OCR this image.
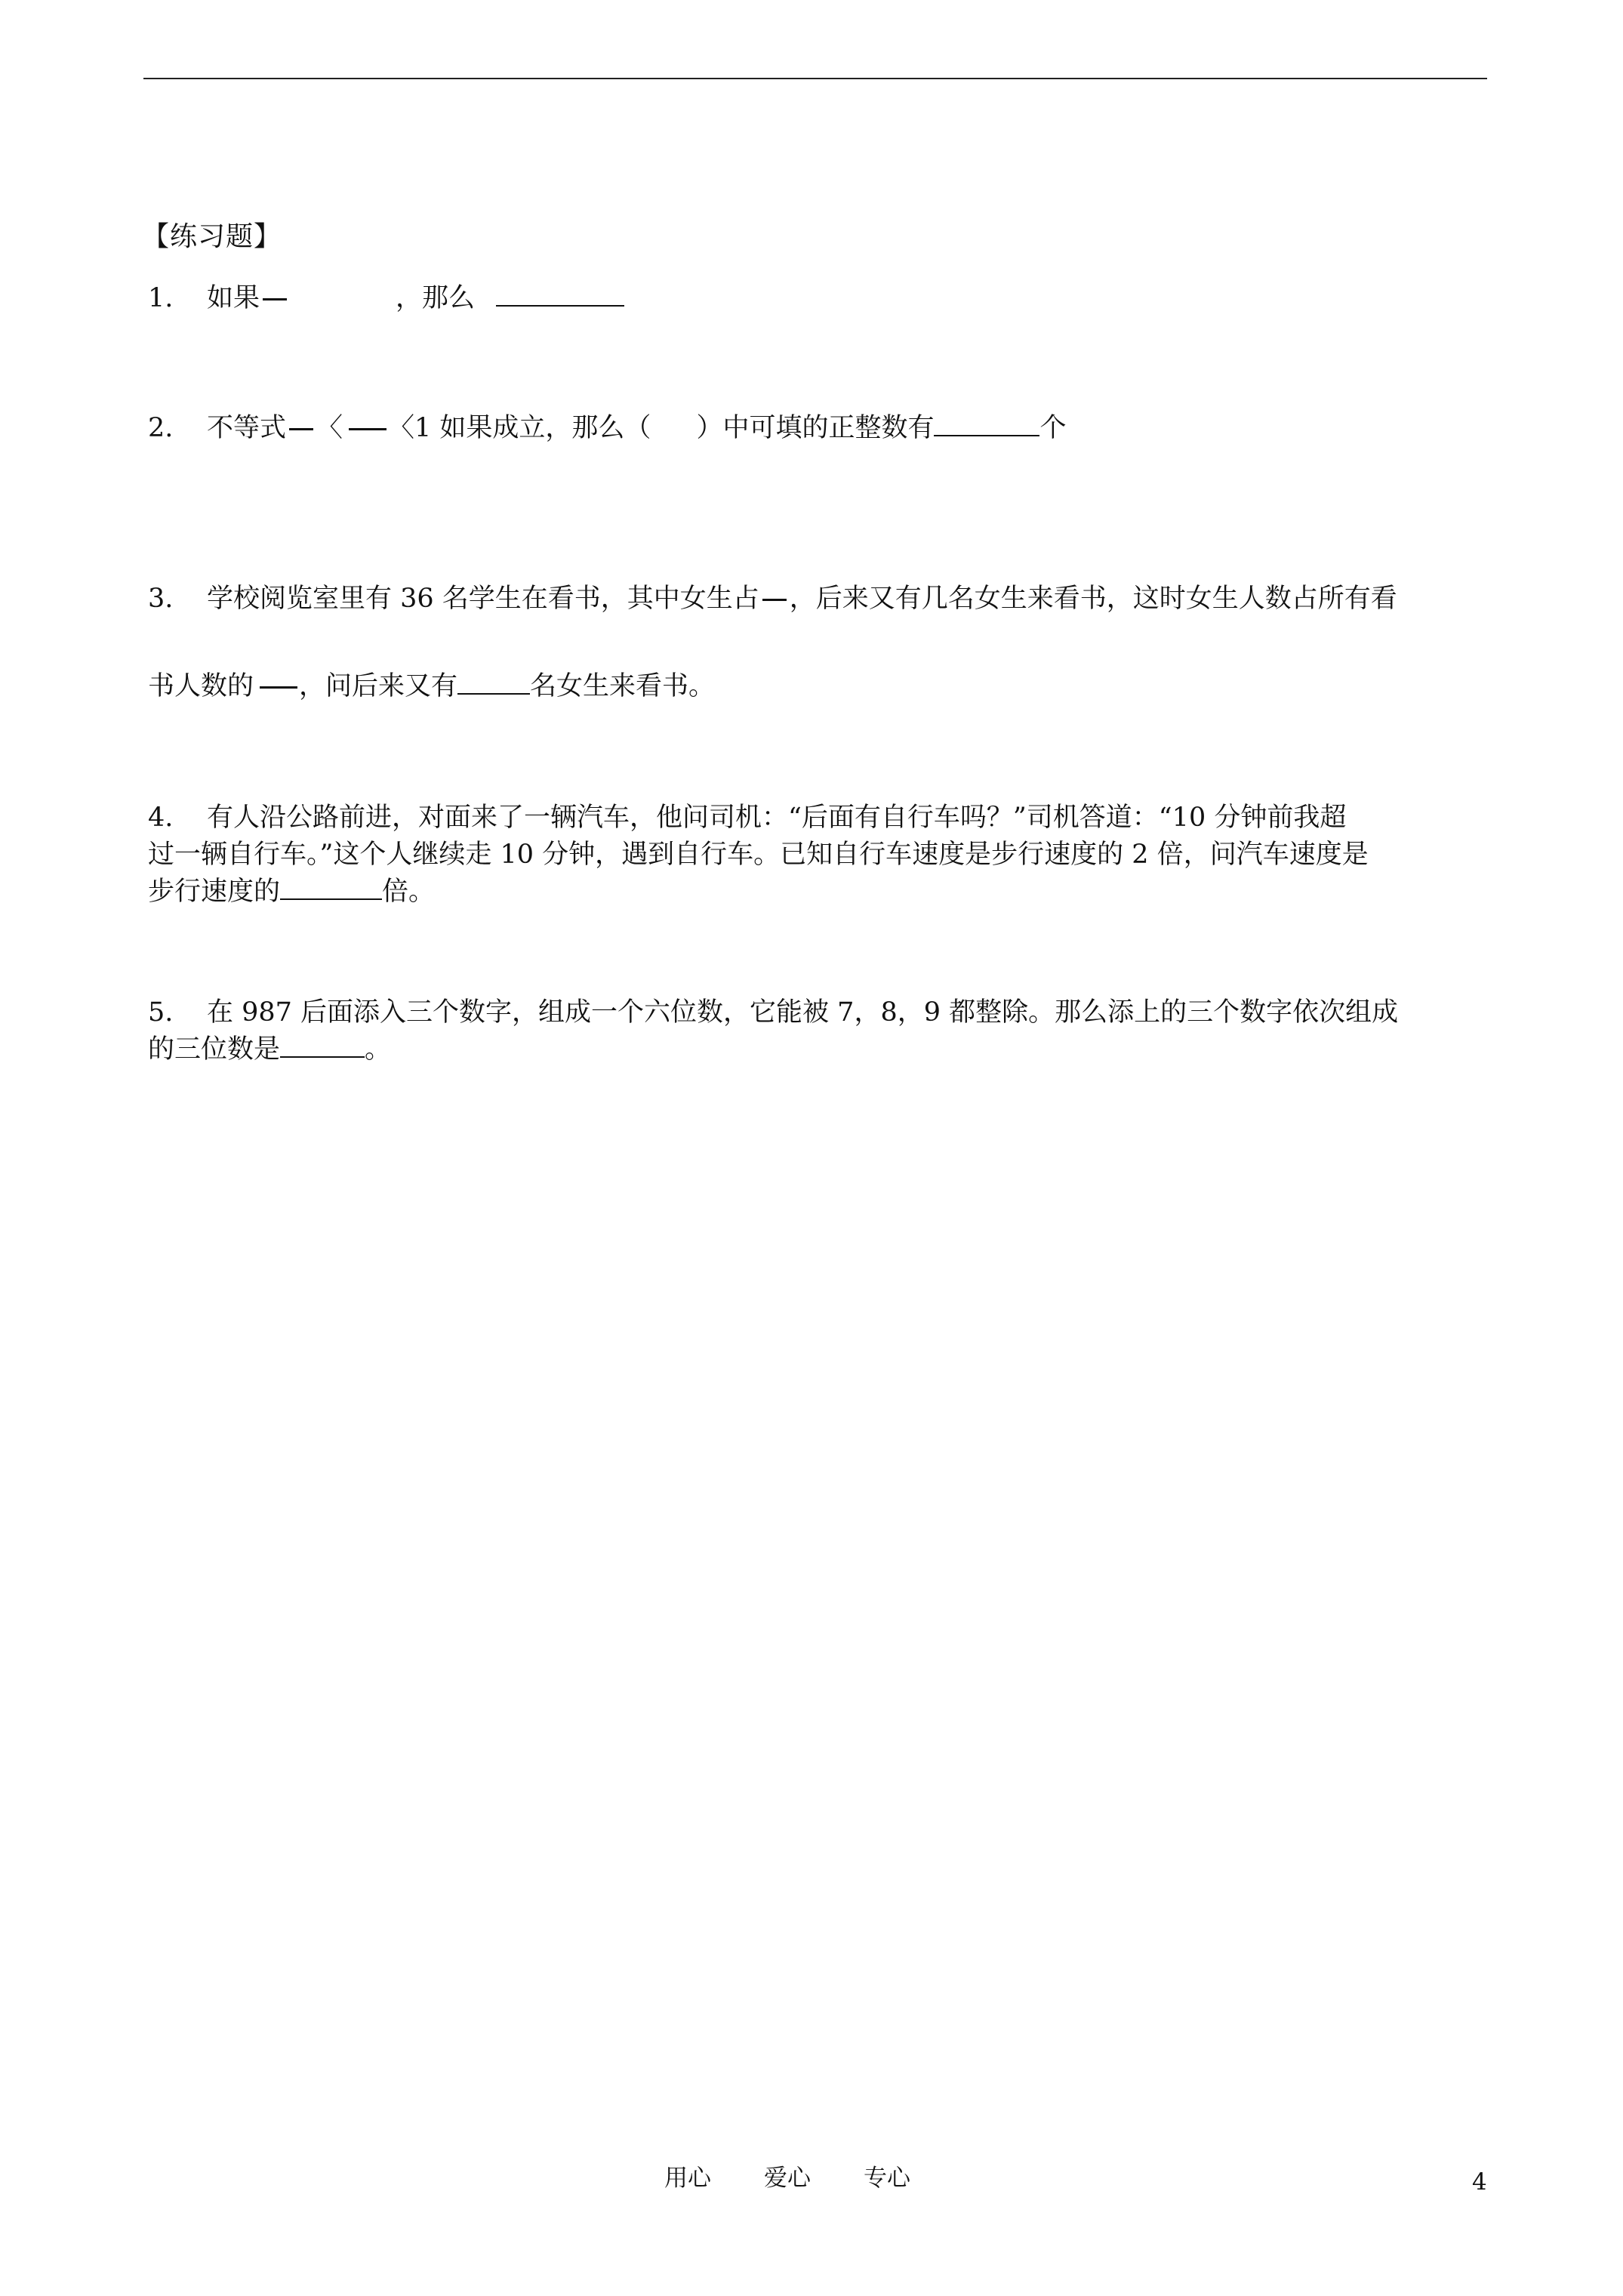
【练习题】
1. 如果	，那么
2. 不等式 〈 〈1 如果成立，那么（ ）中可填的正整数有	个
3. 学校阅览室里有 36 名学生在看书，其中女生占 ，后来又有几名女生来看书，这时女生人数占所有看
书人数的 ，问后来又有	名女生来看书。
4. 有人沿公路前进，对面来了一辆汽车，他问司机：“后面有自行车吗？”司机答道：“10 分钟前我超
过一辆自行车。”这个人继续走 10 分钟，遇到自行车。已知自行车速度是步行速度的 2 倍，问汽车速度是
步行速度的	倍。
5. 在 987 后面添入三个数字，组成一个六位数，它能被 7，8，9 都整除。那么添上的三个数字依次组成
的三位数是	。
用心 爱心 专心	4
